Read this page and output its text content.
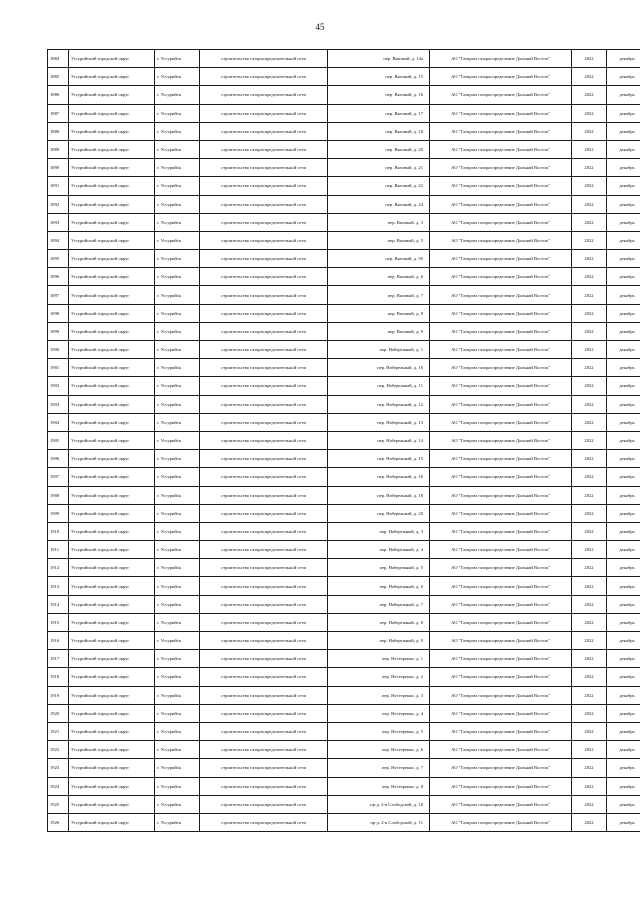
45
1884	Уссурийский городской округ	г. Уссурийск	строительство газораспределительной сети	пер. Вязовый, д. 14а	АО "Газпром газораспределение Дальний Восток"	2022	декабрь
1885	Уссурийский городской округ	г. Уссурийск	строительство газораспределительной сети	пер. Вязовый, д. 15	АО "Газпром газораспределение Дальний Восток"	2022	декабрь
1886	Уссурийский городской округ	г. Уссурийск	строительство газораспределительной сети	пер. Вязовый, д. 16	АО "Газпром газораспределение Дальний Восток"	2022	декабрь
1887	Уссурийский городской округ	г. Уссурийск	строительство газораспределительной сети	пер. Вязовый, д. 17	АО "Газпром газораспределение Дальний Восток"	2022	декабрь
1888	Уссурийский городской округ	г. Уссурийск	строительство газораспределительной сети	пер. Вязовый, д. 18	АО "Газпром газораспределение Дальний Восток"	2022	декабрь
1889	Уссурийский городской округ	г. Уссурийск	строительство газораспределительной сети	пер. Вязовый, д. 20	АО "Газпром газораспределение Дальний Восток"	2022	декабрь
1890	Уссурийский городской округ	г. Уссурийск	строительство газораспределительной сети	пер. Вязовый, д. 21	АО "Газпром газораспределение Дальний Восток"	2022	декабрь
1891	Уссурийский городской округ	г. Уссурийск	строительство газораспределительной сети	пер. Вязовый, д. 22	АО "Газпром газораспределение Дальний Восток"	2022	декабрь
1892	Уссурийский городской округ	г. Уссурийск	строительство газораспределительной сети	пер. Вязовый, д. 24	АО "Газпром газораспределение Дальний Восток"	2022	декабрь
1893	Уссурийский городской округ	г. Уссурийск	строительство газораспределительной сети	пер. Вязовый, д. 3	АО "Газпром газораспределение Дальний Восток"	2022	декабрь
1894	Уссурийский городской округ	г. Уссурийск	строительство газораспределительной сети	пер. Вязовый, д. 5	АО "Газпром газораспределение Дальний Восток"	2022	декабрь
1895	Уссурийский городской округ	г. Уссурийск	строительство газораспределительной сети	пер. Вязовый, д. 5б	АО "Газпром газораспределение Дальний Восток"	2022	декабрь
1896	Уссурийский городской округ	г. Уссурийск	строительство газораспределительной сети	пер. Вязовый, д. 6	АО "Газпром газораспределение Дальний Восток"	2022	декабрь
1897	Уссурийский городской округ	г. Уссурийск	строительство газораспределительной сети	пер. Вязовый, д. 7	АО "Газпром газораспределение Дальний Восток"	2022	декабрь
1898	Уссурийский городской округ	г. Уссурийск	строительство газораспределительной сети	пер. Вязовый, д. 8	АО "Газпром газораспределение Дальний Восток"	2022	декабрь
1899	Уссурийский городской округ	г. Уссурийск	строительство газораспределительной сети	пер. Вязовый, д. 9	АО "Газпром газораспределение Дальний Восток"	2022	декабрь
1900	Уссурийский городской округ	г. Уссурийск	строительство газораспределительной сети	пер. Набережный, д. 1	АО "Газпром газораспределение Дальний Восток"	2022	декабрь
1901	Уссурийский городской округ	г. Уссурийск	строительство газораспределительной сети	пер. Набережный, д. 10	АО "Газпром газораспределение Дальний Восток"	2022	декабрь
1902	Уссурийский городской округ	г. Уссурийск	строительство газораспределительной сети	пер. Набережный, д. 11	АО "Газпром газораспределение Дальний Восток"	2022	декабрь
1903	Уссурийский городской округ	г. Уссурийск	строительство газораспределительной сети	пер. Набережный, д. 12	АО "Газпром газораспределение Дальний Восток"	2022	декабрь
1904	Уссурийский городской округ	г. Уссурийск	строительство газораспределительной сети	пер. Набережный, д. 13	АО "Газпром газораспределение Дальний Восток"	2022	декабрь
1905	Уссурийский городской округ	г. Уссурийск	строительство газораспределительной сети	пер. Набережный, д. 14	АО "Газпром газораспределение Дальний Восток"	2022	декабрь
1906	Уссурийский городской округ	г. Уссурийск	строительство газораспределительной сети	пер. Набережный, д. 15	АО "Газпром газораспределение Дальний Восток"	2022	декабрь
1907	Уссурийский городской округ	г. Уссурийск	строительство газораспределительной сети	пер. Набережный, д. 16	АО "Газпром газораспределение Дальний Восток"	2022	декабрь
1908	Уссурийский городской округ	г. Уссурийск	строительство газораспределительной сети	пер. Набережный, д. 18	АО "Газпром газораспределение Дальний Восток"	2022	декабрь
1909	Уссурийский городской округ	г. Уссурийск	строительство газораспределительной сети	пер. Набережный, д. 20	АО "Газпром газораспределение Дальний Восток"	2022	декабрь
1910	Уссурийский городской округ	г. Уссурийск	строительство газораспределительной сети	пер. Набережный, д. 3	АО "Газпром газораспределение Дальний Восток"	2022	декабрь
1911	Уссурийский городской округ	г. Уссурийск	строительство газораспределительной сети	пер. Набережный, д. 4	АО "Газпром газораспределение Дальний Восток"	2022	декабрь
1912	Уссурийский городской округ	г. Уссурийск	строительство газораспределительной сети	пер. Набережный, д. 5	АО "Газпром газораспределение Дальний Восток"	2022	декабрь
1913	Уссурийский городской округ	г. Уссурийск	строительство газораспределительной сети	пер. Набережный, д. 6	АО "Газпром газораспределение Дальний Восток"	2022	декабрь
1914	Уссурийский городской округ	г. Уссурийск	строительство газораспределительной сети	пер. Набережный, д. 7	АО "Газпром газораспределение Дальний Восток"	2022	декабрь
1915	Уссурийский городской округ	г. Уссурийск	строительство газораспределительной сети	пер. Набережный, д. 8	АО "Газпром газораспределение Дальний Восток"	2022	декабрь
1916	Уссурийский городской округ	г. Уссурийск	строительство газораспределительной сети	пер. Набережный, д. 9	АО "Газпром газораспределение Дальний Восток"	2022	декабрь
1917	Уссурийский городской округ	г. Уссурийск	строительство газораспределительной сети	пер. Нестеренко, д. 1	АО "Газпром газораспределение Дальний Восток"	2022	декабрь
1918	Уссурийский городской округ	г. Уссурийск	строительство газораспределительной сети	пер. Нестеренко, д. 2	АО "Газпром газораспределение Дальний Восток"	2022	декабрь
1919	Уссурийский городской округ	г. Уссурийск	строительство газораспределительной сети	пер. Нестеренко, д. 3	АО "Газпром газораспределение Дальний Восток"	2022	декабрь
1920	Уссурийский городской округ	г. Уссурийск	строительство газораспределительной сети	пер. Нестеренко, д. 4	АО "Газпром газораспределение Дальний Восток"	2022	декабрь
1921	Уссурийский городской округ	г. Уссурийск	строительство газораспределительной сети	пер. Нестеренко, д. 5	АО "Газпром газораспределение Дальний Восток"	2022	декабрь
1922	Уссурийский городской округ	г. Уссурийск	строительство газораспределительной сети	пер. Нестеренко, д. 6	АО "Газпром газораспределение Дальний Восток"	2022	декабрь
1923	Уссурийский городской округ	г. Уссурийск	строительство газораспределительной сети	пер. Нестеренко, д. 7	АО "Газпром газораспределение Дальний Восток"	2022	декабрь
1924	Уссурийский городской округ	г. Уссурийск	строительство газораспределительной сети	пер. Нестеренко, д. 8	АО "Газпром газораспределение Дальний Восток"	2022	декабрь
1925	Уссурийский городской округ	г. Уссурийск	строительство газораспределительной сети	пр-д. 2-я Слободской, д. 10	АО "Газпром газораспределение Дальний Восток"	2022	декабрь
1926	Уссурийский городской округ	г. Уссурийск	строительство газораспределительной сети	пр-д. 2-я Слободской, д. 11	АО "Газпром газораспределение Дальний Восток"	2022	декабрь
